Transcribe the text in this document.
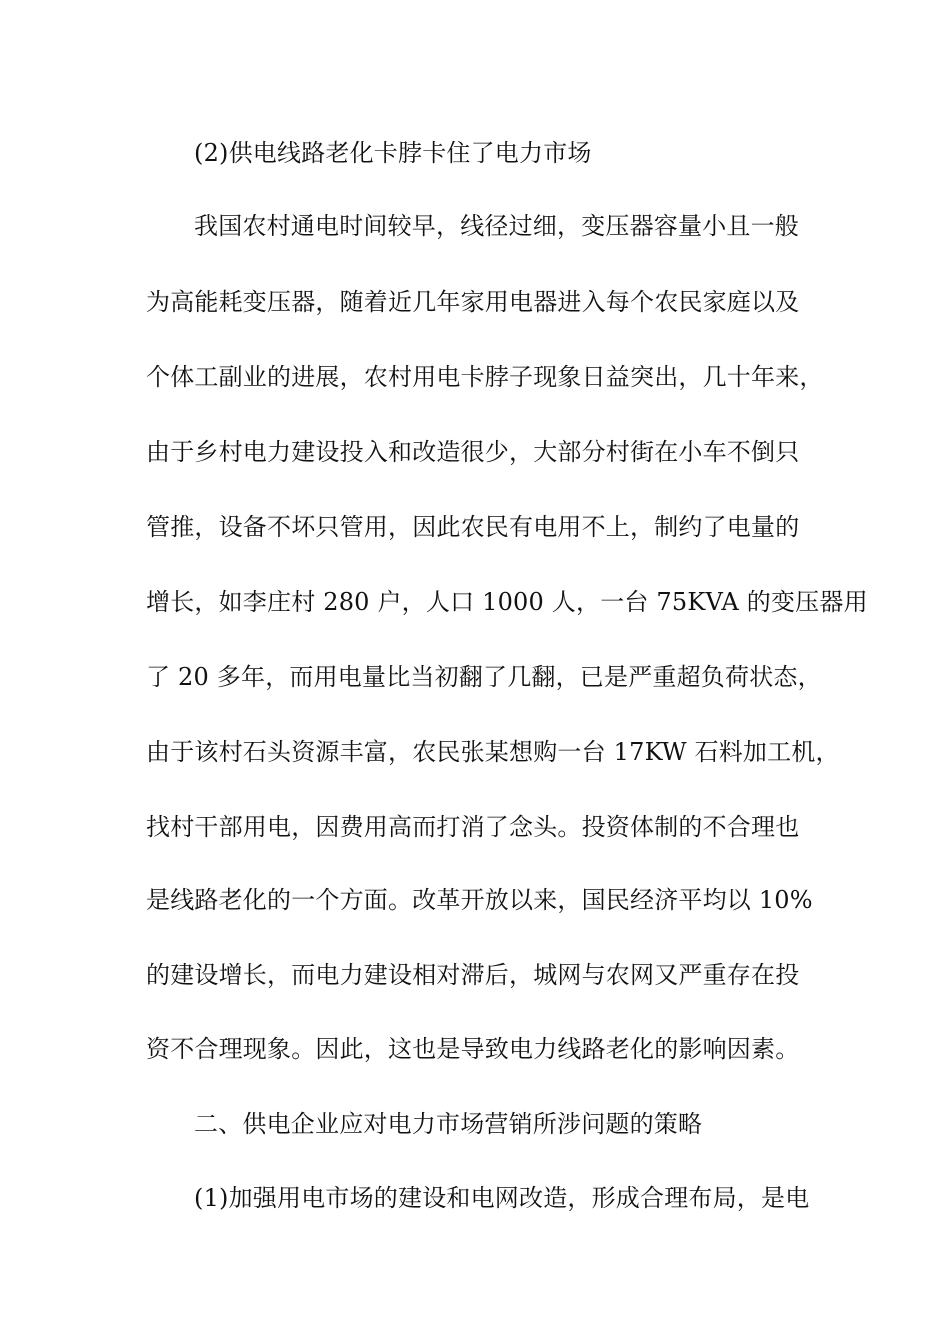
(2)供电线路老化卡脖卡住了电力市场
我国农村通电时间较早，线径过细，变压器容量小且一般
为高能耗变压器，随着近几年家用电器进入每个农民家庭以及
个体工副业的进展，农村用电卡脖子现象日益突出，几十年来，
由于乡村电力建设投入和改造很少，大部分村街在小车不倒只
管推，设备不坏只管用，因此农民有电用不上，制约了电量的
增长，如李庄村 280 户，人口 1000 人，一台 75KVA 的变压器用
了 20 多年，而用电量比当初翻了几翻，已是严重超负荷状态，
由于该村石头资源丰富，农民张某想购一台 17KW 石料加工机，
找村干部用电，因费用高而打消了念头。投资体制的不合理也
是线路老化的一个方面。改革开放以来，国民经济平均以 10%
的建设增长，而电力建设相对滞后，城网与农网又严重存在投
资不合理现象。因此，这也是导致电力线路老化的影响因素。
二、供电企业应对电力市场营销所涉问题的策略
(1)加强用电市场的建设和电网改造，形成合理布局，是电
